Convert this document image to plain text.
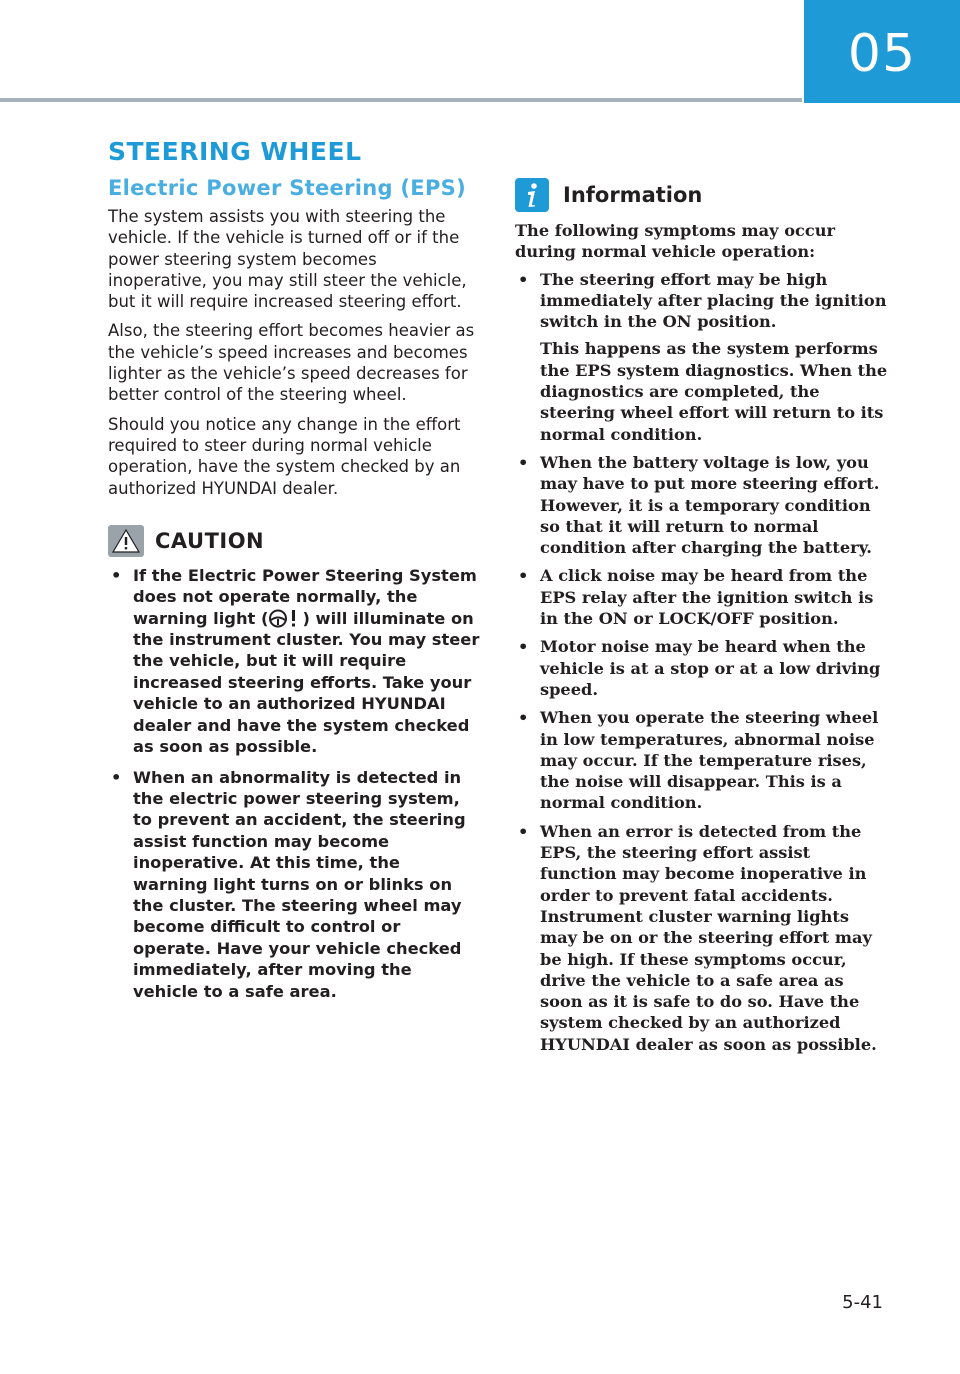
05
STEERING WHEEL
Electric Power Steering (EPS)

The system assists you with steering the vehicle. If the vehicle is turned off or if the power steering system becomes inoperative, you may still steer the vehicle, but it will require increased steering effort.

Also, the steering effort becomes heavier as the vehicle’s speed increases and becomes lighter as the vehicle’s speed decreases for better control of the steering wheel.

Should you notice any change in the effort required to steer during normal vehicle operation, have the system checked by an authorized HYUNDAI dealer.

CAUTION
• If the Electric Power Steering System does not operate normally, the warning light ( ) will illuminate on the instrument cluster. You may steer the vehicle, but it will require increased steering efforts. Take your vehicle to an authorized HYUNDAI dealer and have the system checked as soon as possible.
• When an abnormality is detected in the electric power steering system, to prevent an accident, the steering assist function may become inoperative. At this time, the warning light turns on or blinks on the cluster. The steering wheel may become difficult to control or operate. Have your vehicle checked immediately, after moving the vehicle to a safe area.
Information

The following symptoms may occur during normal vehicle operation:

• The steering effort may be high immediately after placing the ignition switch in the ON position.
This happens as the system performs the EPS system diagnostics. When the diagnostics are completed, the steering wheel effort will return to its normal condition.
• When the battery voltage is low, you may have to put more steering effort. However, it is a temporary condition so that it will return to normal condition after charging the battery.
• A click noise may be heard from the EPS relay after the ignition switch is in the ON or LOCK/OFF position.
• Motor noise may be heard when the vehicle is at a stop or at a low driving speed.
• When you operate the steering wheel in low temperatures, abnormal noise may occur. If the temperature rises, the noise will disappear. This is a normal condition.
• When an error is detected from the EPS, the steering effort assist function may become inoperative in order to prevent fatal accidents. Instrument cluster warning lights may be on or the steering effort may be high. If these symptoms occur, drive the vehicle to a safe area as soon as it is safe to do so. Have the system checked by an authorized HYUNDAI dealer as soon as possible.
5-41
